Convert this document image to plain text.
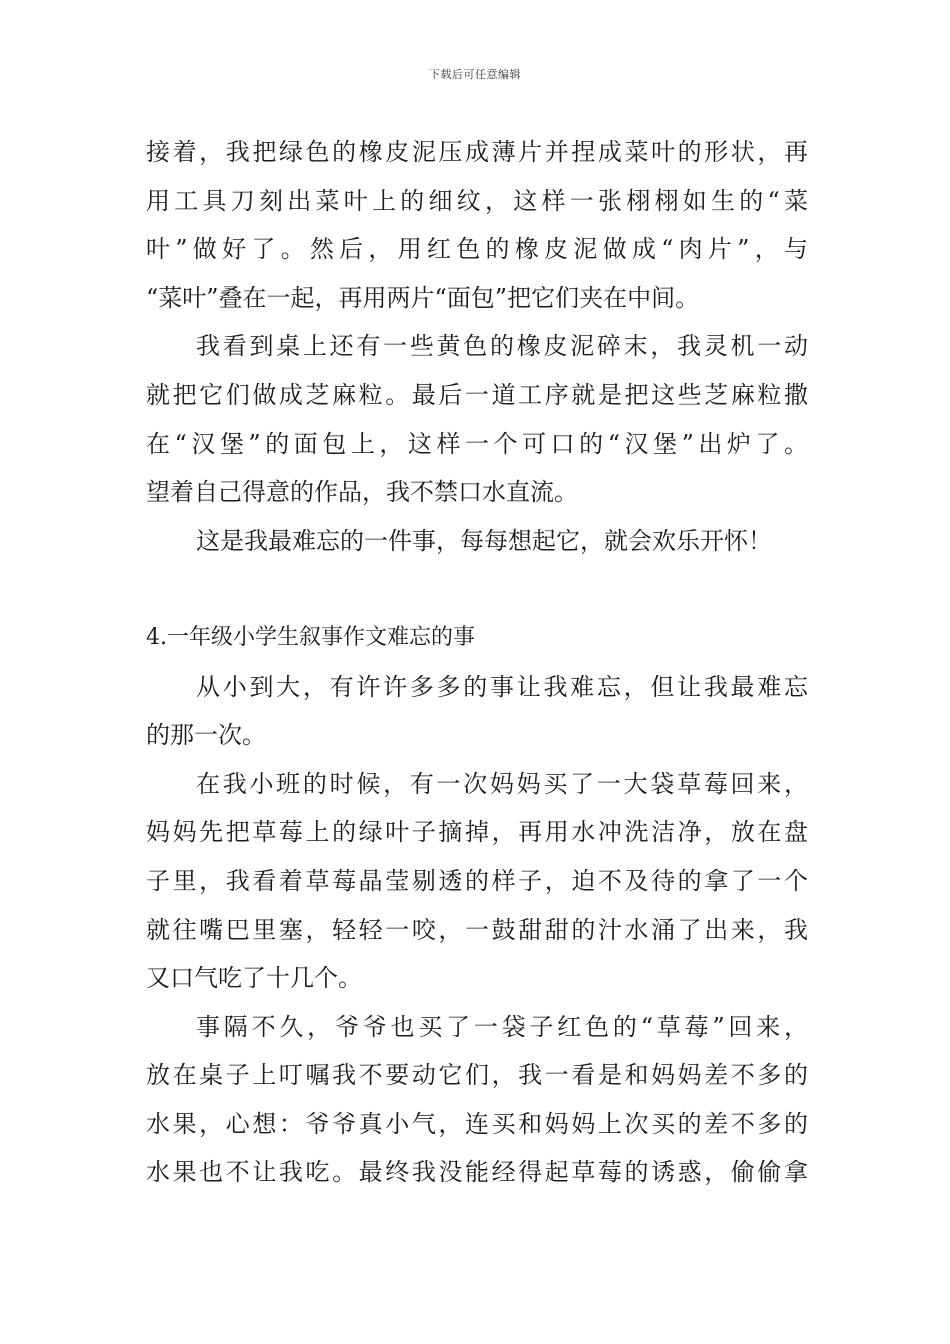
下载后可任意编辑
接着，我把绿色的橡皮泥压成薄片并捏成菜叶的形状，再
用工具刀刻出菜叶上的细纹，这样一张栩栩如生的“菜
叶”做好了。然后，用红色的橡皮泥做成“肉片”，与
“菜叶”叠在一起，再用两片“面包”把它们夹在中间。
我看到桌上还有一些黄色的橡皮泥碎末，我灵机一动
就把它们做成芝麻粒。最后一道工序就是把这些芝麻粒撒
在“汉堡”的面包上，这样一个可口的“汉堡”出炉了。
望着自己得意的作品，我不禁口水直流。
这是我最难忘的一件事，每每想起它，就会欢乐开怀！
4.一年级小学生叙事作文难忘的事
从小到大，有许许多多的事让我难忘，但让我最难忘
的那一次。
在我小班的时候，有一次妈妈买了一大袋草莓回来，
妈妈先把草莓上的绿叶子摘掉，再用水冲洗洁净，放在盘
子里，我看着草莓晶莹剔透的样子，迫不及待的拿了一个
就往嘴巴里塞，轻轻一咬，一鼓甜甜的汁水涌了出来，我
又口气吃了十几个。
事隔不久，爷爷也买了一袋子红色的“草莓”回来，
放在桌子上叮嘱我不要动它们，我一看是和妈妈差不多的
水果，心想：爷爷真小气，连买和妈妈上次买的差不多的
水果也不让我吃。最终我没能经得起草莓的诱惑，偷偷拿
